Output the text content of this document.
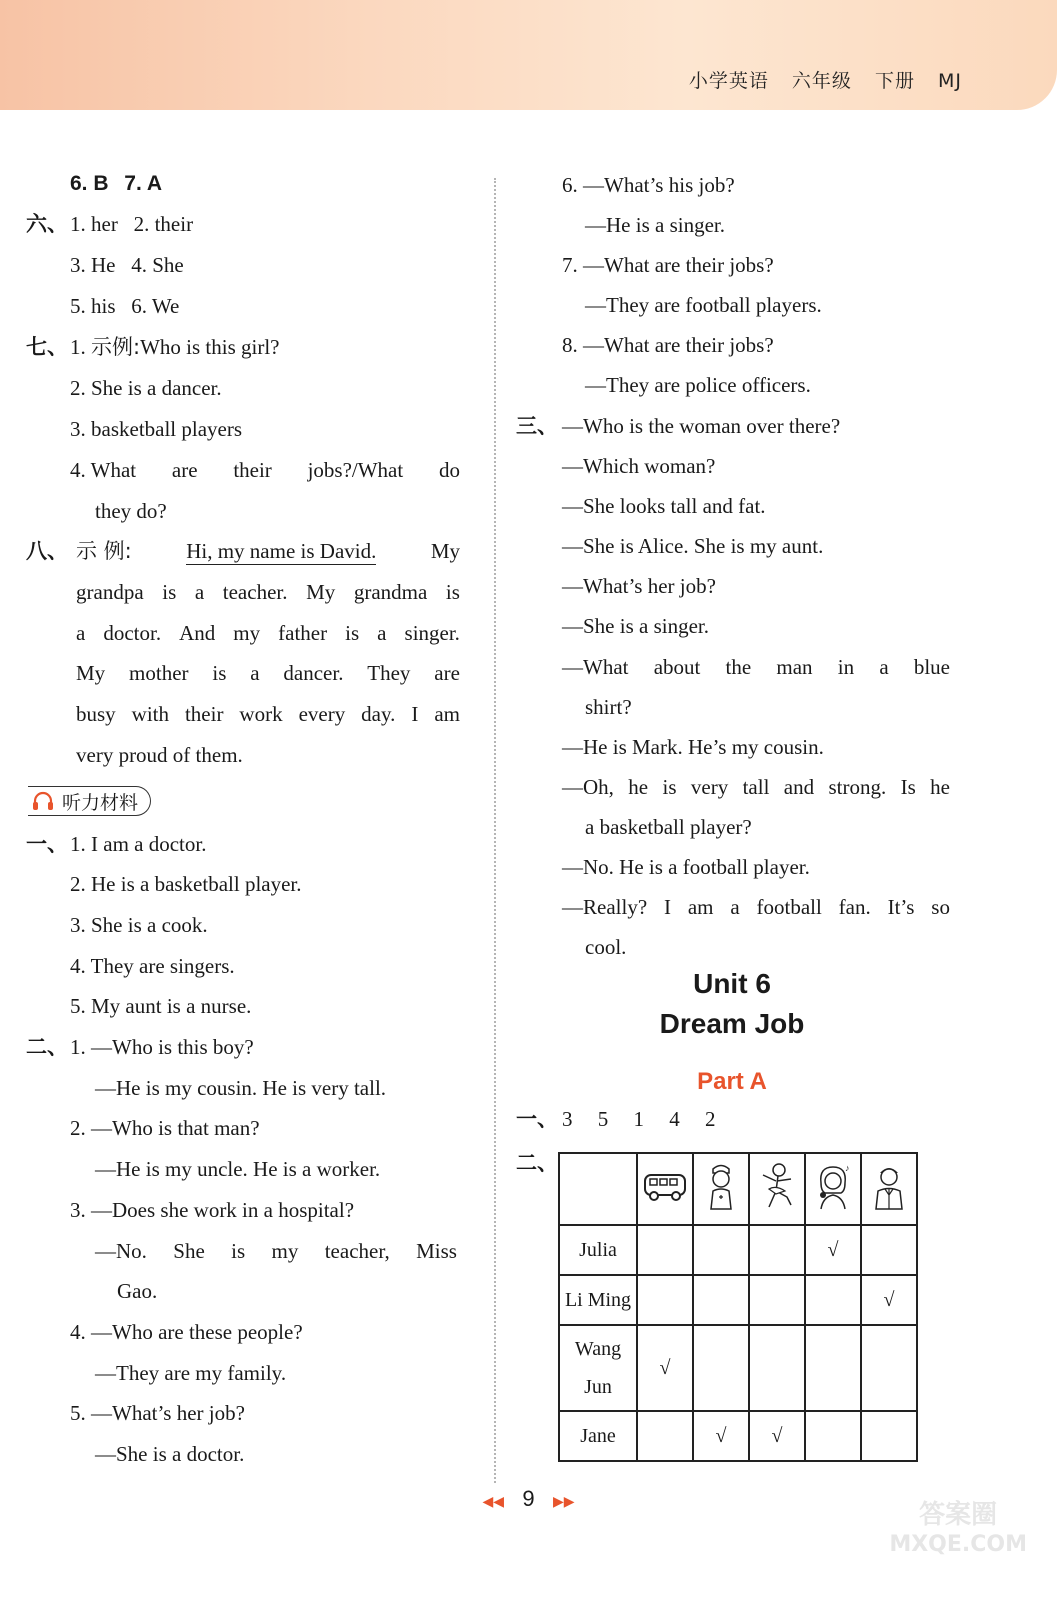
小学英语 六年级 下册 MJ
6. B 7. A
六、 1. her 2. their
3. He 4. She
5. his 6. We
七、 1. 示例:Who is this girl?
2. She is a dancer.
3. basketball players
4. What are their jobs?/What do
they do?
八、 示 例:	Hi, my name is David.	My
grandpa is a teacher. My grandma is
a doctor. And my father is a singer.
My mother is a dancer. They are
busy with their work every day. I am
very proud of them.
听力材料
一、 1. I am a doctor.
2. He is a basketball player.
3. She is a cook.
4. They are singers.
5. My aunt is a nurse.
二、 1. —Who is this boy?
—He is my cousin. He is very tall.
2. —Who is that man?
—He is my uncle. He is a worker.
3. —Does she work in a hospital?
—No. She is my teacher, Miss
Gao.
4. —Who are these people?
—They are my family.
5. —What’s her job?
—She is a doctor.
6. —What’s his job?
—He is a singer.
7. —What are their jobs?
—They are football players.
8. —What are their jobs?
—They are police officers.
三、 —Who is the woman over there?
—Which woman?
—She looks tall and fat.
—She is Alice. She is my aunt.
—What’s her job?
—She is a singer.
—What about the man in a blue
shirt?
—He is Mark. He’s my cousin.
—Oh, he is very tall and strong. Is he
a basketball player?
—No. He is a football player.
—Really? I am a football fan. It’s so
cool.
Unit 6
Dream Job
Part A
一、 3 5 1 4 2
二、
					♪

Julia				√	
Li Ming					√
Wang
Jun	√				
Jane		√	√		
◀◀ 9 ▶▶	答案圈
MXQE.COM
